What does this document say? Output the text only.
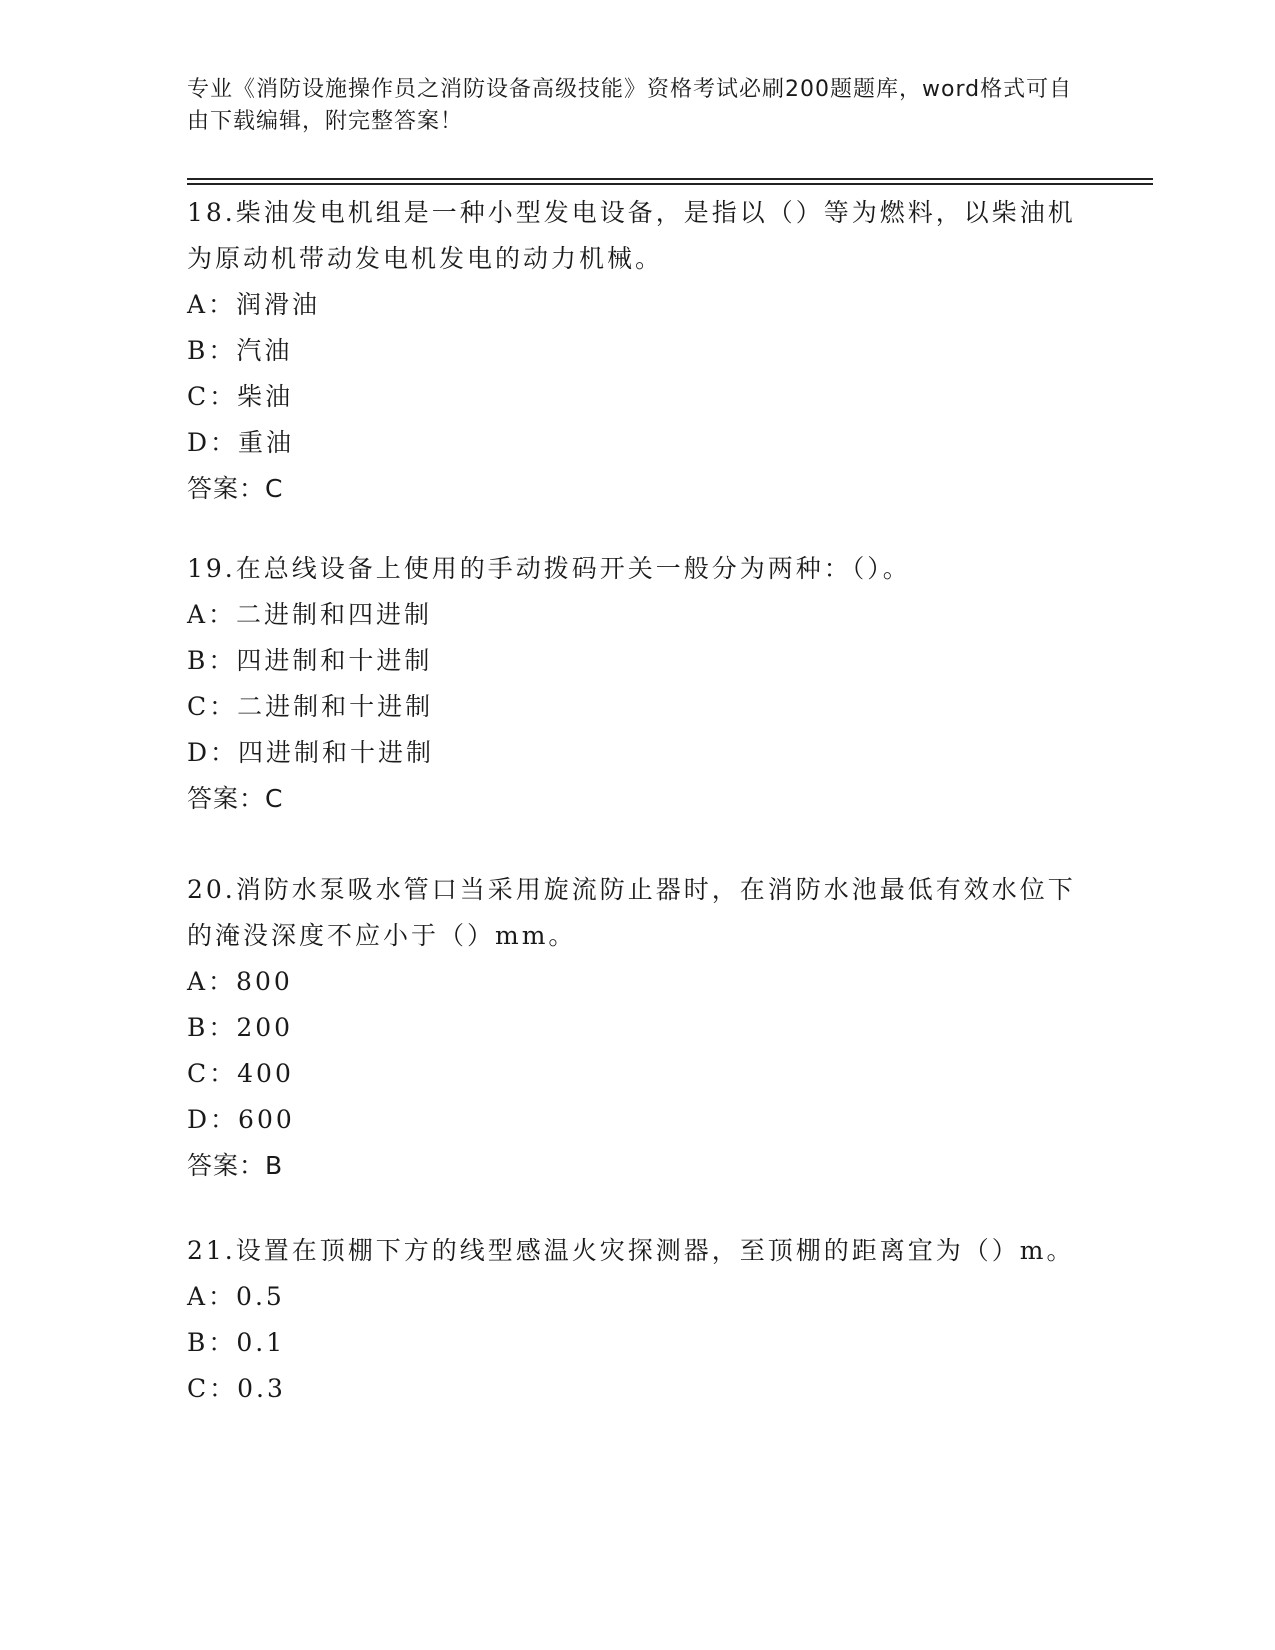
专业《消防设施操作员之消防设备高级技能》资格考试必刷200题题库，word格式可自由下载编辑，附完整答案！

18.柴油发电机组是一种小型发电设备，是指以（）等为燃料，以柴油机为原动机带动发电机发电的动力机械。

A：润滑油

B：汽油

C：柴油

D：重油

答案：C

19.在总线设备上使用的手动拨码开关一般分为两种：（）。

A：二进制和四进制

B：四进制和十进制

C：二进制和十进制

D：四进制和十进制

答案：C

20.消防水泵吸水管口当采用旋流防止器时，在消防水池最低有效水位下的淹没深度不应小于（）mm。

A：800

B：200

C：400

D：600

答案：B

21.设置在顶棚下方的线型感温火灾探测器，至顶棚的距离宜为（）m。

A：0.5

B：0.1

C：0.3
